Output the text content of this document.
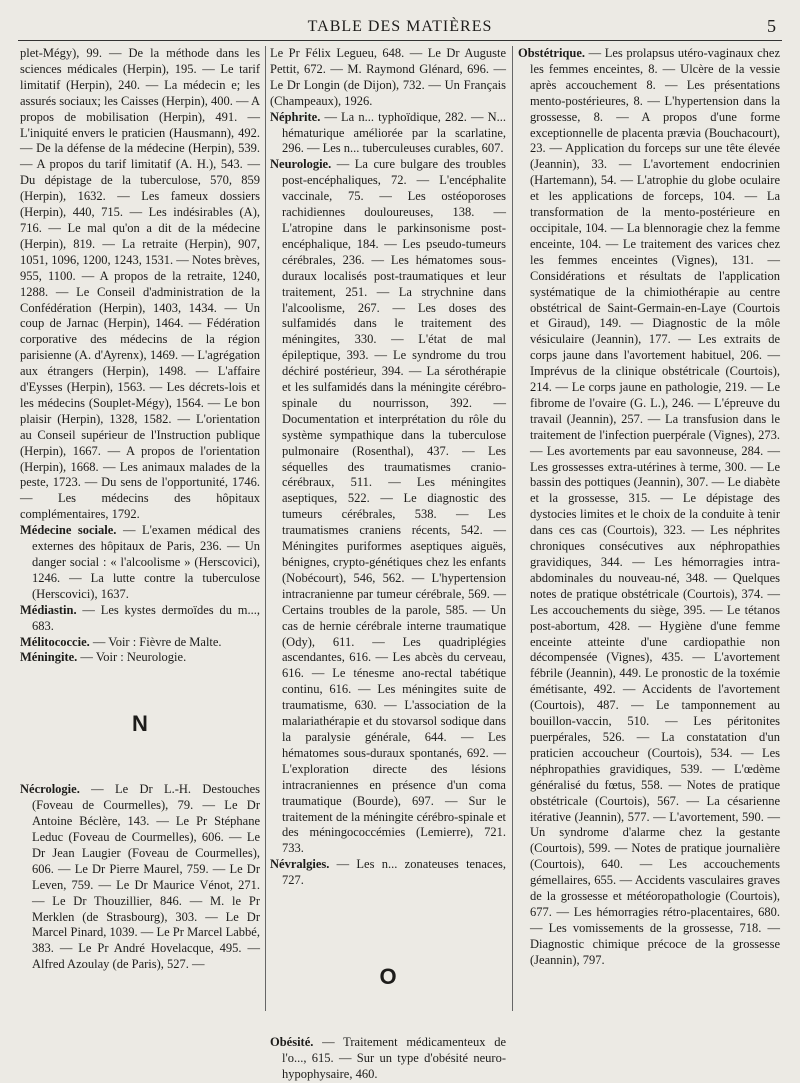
TABLE DES MATIÈRES	5

plet-Mégy), 99. — De la méthode dans les sciences médicales (Herpin), 195. — Le tarif limitatif (Herpin), 240. — La médecin e; les assurés sociaux; les Caisses (Herpin), 400. — A propos de mobilisation (Herpin), 491. — L'iniquité envers le praticien (Hausmann), 492. — De la défense de la médecine (Herpin), 539. — A propos du tarif limitatif (A. H.), 543. — Du dépistage de la tuberculose, 570, 859 (Herpin), 1632. — Les fameux dossiers (Herpin), 440, 715. — Les indésirables (A), 716. — Le mal qu'on a dit de la médecine (Herpin), 819. — La retraite (Herpin), 907, 1051, 1096, 1200, 1243, 1531. — Notes brèves, 955, 1100. — A propos de la retraite, 1240, 1288. — Le Conseil d'administration de la Confédération (Herpin), 1403, 1434. — Un coup de Jarnac (Herpin), 1464. — Fédération corporative des médecins de la région parisienne (A. d'Ayrenx), 1469. — L'agrégation aux étrangers (Herpin), 1498. — L'affaire d'Eysses (Herpin), 1563. — Les décrets-lois et les médecins (Souplet-Mégy), 1564. — Le bon plaisir (Herpin), 1328, 1582. — L'orientation au Conseil supérieur de l'Instruction publique (Herpin), 1667. — A propos de l'orientation (Herpin), 1668. — Les animaux malades de la peste, 1723. — Du sens de l'opportunité, 1746. — Les médecins des hôpitaux complémentaires, 1792.

Médecine sociale. — L'examen médical des externes des hôpitaux de Paris, 236. — Un danger social : « l'alcoolisme » (Herscovici), 1246. — La lutte contre la tuberculose (Herscovici), 1637.

Médiastin. — Les kystes dermoïdes du m..., 683.

Mélitococcie. — Voir : Fièvre de Malte.

Méningite. — Voir : Neurologie.

N

Nécrologie. — Le Dr L.-H. Destouches (Foveau de Courmelles), 79. — Le Dr Antoine Béclère, 143. — Le Pr Stéphane Leduc (Foveau de Courmelles), 606. — Le Dr Jean Laugier (Foveau de Courmelles), 606. — Le Dr Pierre Maurel, 759. — Le Dr Leven, 759. — Le Dr Maurice Vénot, 271. — Le Dr Thouzillier, 846. — M. le Pr Merklen (de Strasbourg), 303. — Le Dr Marcel Pinard, 1039. — Le Pr Marcel Labbé, 383. — Le Pr André Hovelacque, 495. — Alfred Azoulay (de Paris), 527. —

Le Pr Félix Legueu, 648. — Le Dr Auguste Pettit, 672. — M. Raymond Glénard, 696. — Le Dr Longin (de Dijon), 732. — Un Français (Champeaux), 1926.

Néphrite. — La n... typhoïdique, 282. — N... hématurique améliorée par la scarlatine, 296. — Les n... tuberculeuses curables, 607.

Neurologie. — La cure bulgare des troubles post-encéphaliques, 72. — L'encéphalite vaccinale, 75. — Les ostéoporoses rachidiennes douloureuses, 138. — L'atropine dans le parkinsonisme post-encéphalique, 184. — Les pseudo-tumeurs cérébrales, 236. — Les hématomes sous-duraux localisés post-traumatiques et leur traitement, 251. — La strychnine dans l'alcoolisme, 267. — Les doses des sulfamidés dans le traitement des méningites, 330. — L'état de mal épileptique, 393. — Le syndrome du trou déchiré postérieur, 394. — La sérothérapie et les sulfamidés dans la méningite cérébro-spinale du nourrisson, 392. — Documentation et interprétation du rôle du système sympathique dans la tuberculose pulmonaire (Rosenthal), 437. — Les séquelles des traumatismes cranio-cérébraux, 511. — Les méningites aseptiques, 522. — Le diagnostic des tumeurs cérébrales, 538. — Les traumatismes craniens récents, 542. — Méningites puriformes aseptiques aiguës, bénignes, crypto-génétiques chez les enfants (Nobécourt), 546, 562. — L'hypertension intracranienne par tumeur cérébrale, 569. — Certains troubles de la parole, 585. — Un cas de hernie cérébrale interne traumatique (Ody), 611. — Les quadriplégies ascendantes, 616. — Les abcès du cerveau, 616. — Le ténesme ano-rectal tabétique continu, 616. — Les méningites suite de traumatisme, 630. — L'association de la malariathérapie et du stovarsol sodique dans la paralysie générale, 644. — Les hématomes sous-duraux spontanés, 692. — L'exploration directe des lésions intracraniennes en présence d'un coma traumatique (Bourde), 697. — Sur le traitement de la méningite cérébro-spinale et des méningococcémies (Lemierre), 721. 733.

Névralgies. — Les n... zonateuses tenaces, 727.

O

Obésité. — Traitement médicamenteux de l'o..., 615. — Sur un type d'obésité neuro-hypophysaire, 460.

Obstétrique. — Les prolapsus utéro-vaginaux chez les femmes enceintes, 8. — Ulcère de la vessie après accouchement 8. — Les présentations mento-postérieures, 8. — L'hypertension dans la grossesse, 8. — A propos d'une forme exceptionnelle de placenta prævia (Bouchacourt), 23. — Application du forceps sur une tête élevée (Jeannin), 33. — L'avortement endocrinien (Hartemann), 54. — L'atrophie du globe oculaire et les applications de forceps, 104. — La transformation de la mento-postérieure en occipitale, 104. — La blennoragie chez la femme enceinte, 104. — Le traitement des varices chez les femmes enceintes (Vignes), 131. — Considérations et résultats de l'application systématique de la chimiothérapie au centre obstétrical de Saint-Germain-en-Laye (Courtois et Giraud), 149. — Diagnostic de la môle vésiculaire (Jeannin), 177. — Les extraits de corps jaune dans l'avortement habituel, 206. — Imprévus de la clinique obstétricale (Courtois), 214. — Le corps jaune en pathologie, 219. — Le fibrome de l'ovaire (G. L.), 246. — L'épreuve du travail (Jeannin), 257. — La transfusion dans le traitement de l'infection puerpérale (Vignes), 273. — Les avortements par eau savonneuse, 284. — Les grossesses extra-utérines à terme, 300. — Le bassin des pottiques (Jeannin), 307. — Le diabète et la grossesse, 315. — Le dépistage des dystocies limites et le choix de la conduite à tenir dans ces cas (Courtois), 323. — Les néphrites chroniques consécutives aux néphropathies gravidiques, 344. — Les hémorragies intra-abdominales du nouveau-né, 348. — Quelques notes de pratique obstétricale (Courtois), 374. — Les accouchements du siège, 395. — Le tétanos post-abortum, 428. — Hygiène d'une femme enceinte atteinte d'une cardiopathie non décompensée (Vignes), 435. — L'avortement fébrile (Jeannin), 449. Le pronostic de la toxémie émétisante, 492. — Accidents de l'avortement (Courtois), 487. — Le tamponnement au bouillon-vaccin, 510. — Les péritonites puerpérales, 526. — La constatation d'un praticien accoucheur (Courtois), 534. — Les néphropathies gravidiques, 539. — L'œdème généralisé du fœtus, 558. — Notes de pratique obstétricale (Courtois), 567. — La césarienne itérative (Jeannin), 577. — L'avortement, 590. — Un syndrome d'alarme chez la gestante (Courtois), 599. — Notes de pratique journalière (Courtois), 640. — Les accouchements gémellaires, 655. — Accidents vasculaires graves de la grossesse et météoropathologie (Courtois), 677. — Les hémorragies rétro-placentaires, 680. — Les vomissements de la grossesse, 718. — Diagnostic chimique précoce de la grossesse (Jeannin), 797.
